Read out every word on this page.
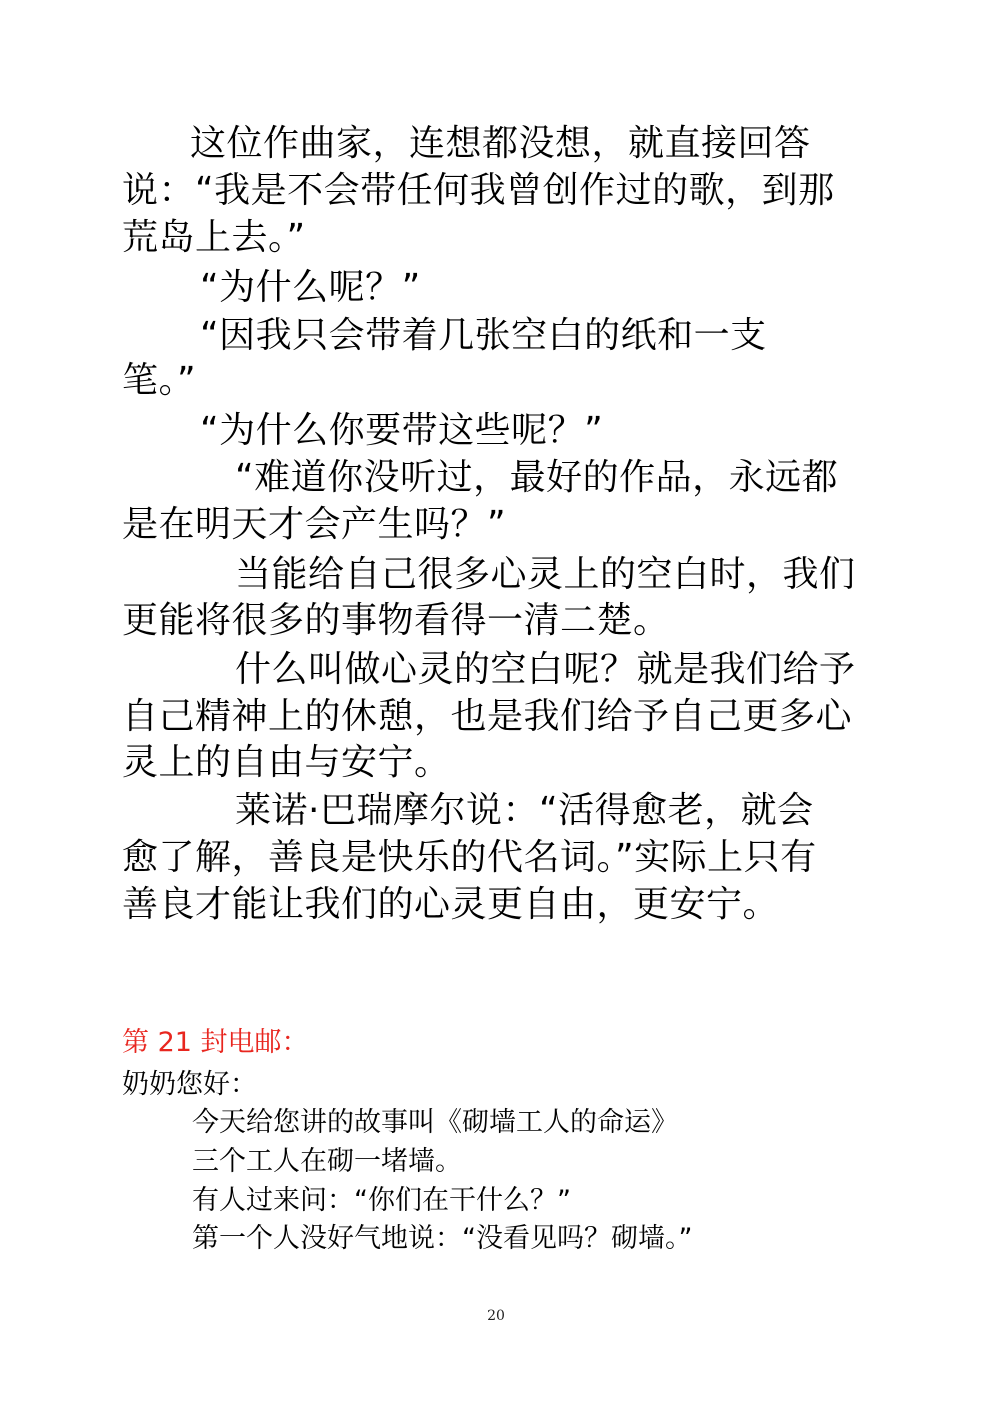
这位作曲家，连想都没想，就直接回答
说：“我是不会带任何我曾创作过的歌，到那
荒岛上去。”
“为什么呢？”
“因我只会带着几张空白的纸和一支
笔。”
“为什么你要带这些呢？”
“难道你没听过，最好的作品，永远都
是在明天才会产生吗？”
当能给自己很多心灵上的空白时，我们
更能将很多的事物看得一清二楚。
什么叫做心灵的空白呢？就是我们给予
自己精神上的休憩，也是我们给予自己更多心
灵上的自由与安宁。
莱诺·巴瑞摩尔说：“活得愈老，就会
愈了解，善良是快乐的代名词。”实际上只有
善良才能让我们的心灵更自由，更安宁。
第 21 封电邮：
奶奶您好：
今天给您讲的故事叫《砌墙工人的命运》
三个工人在砌一堵墙。
有人过来问：“你们在干什么？”
第一个人没好气地说：“没看见吗？砌墙。”
20
